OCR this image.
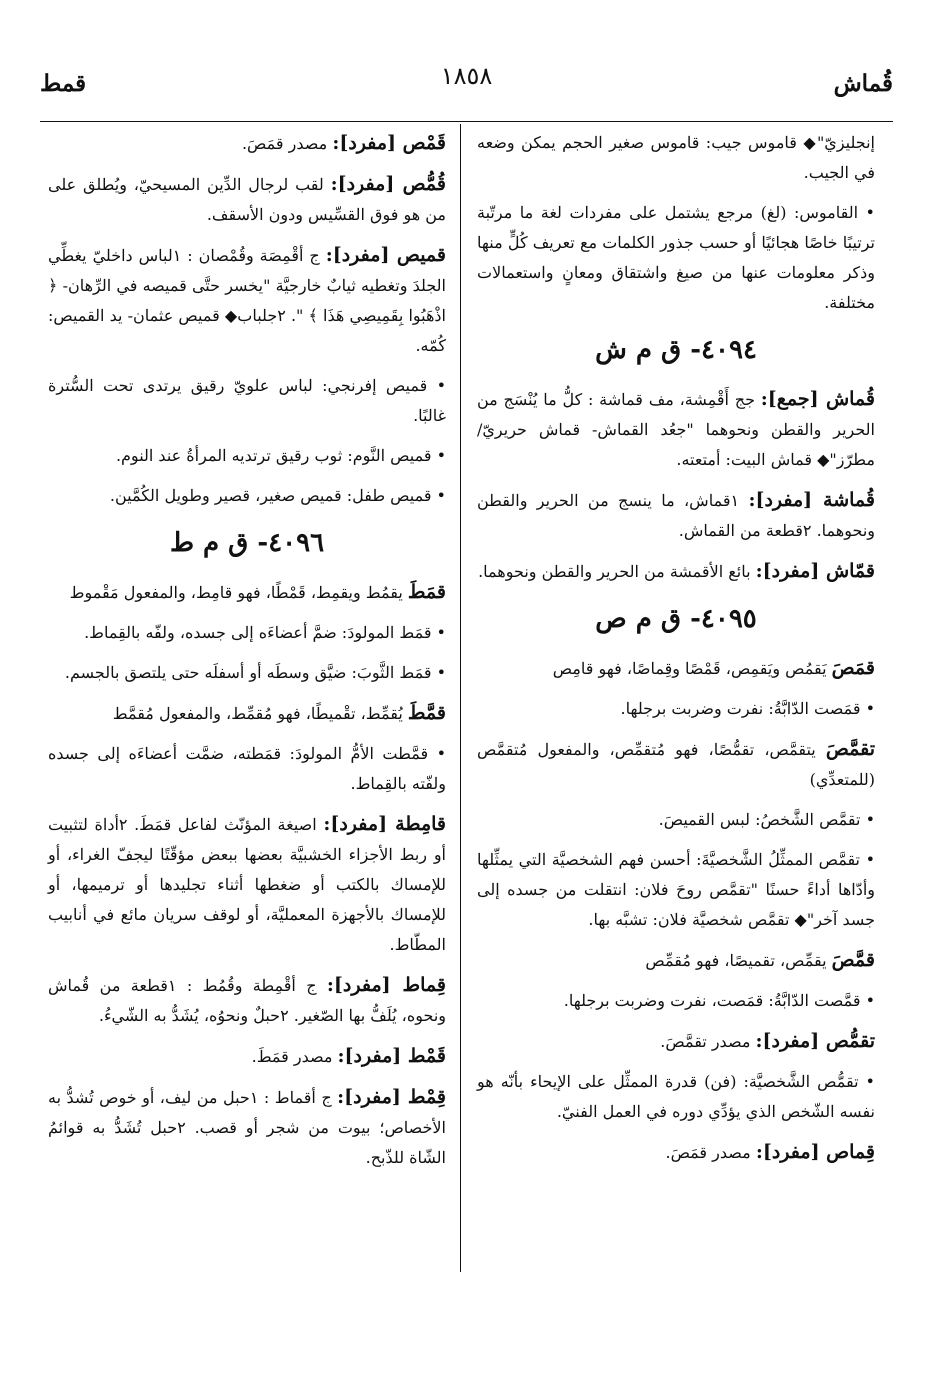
قُماش
١٨٥٨
قمط
إنجليزيّ"◆ قاموس جيب: قاموس صغير الحجم يمكن وضعه في الجيب.
• القاموس: (لغ) مرجع يشتمل على مفردات لغة ما مرتّبة ترتيبًا خاصًا هجائيًا أو حسب جذور الكلمات مع تعريف كُلٍّ منها وذكر معلومات عنها من صيغ واشتقاق ومعانٍ واستعمالات مختلفة.
٤٠٩٤- ق م ش
قُماش [جمع]: جج أَقْمِشة، مف قماشة : كلُّ ما يُنْسَج من الحرير والقطن ونحوهما "جعُد القماش- قماش حريريّ/ مطرّز"◆ قماش البيت: أمتعته.
قُماشة [مفرد]: ١قماش، ما ينسج من الحرير والقطن ونحوهما. ٢قطعة من القماش.
قمّاش [مفرد]: بائع الأقمشة من الحرير والقطن ونحوهما.
٤٠٩٥- ق م ص
قمَصَ يَقمُص ويَقمِص، قَمْصًا وقِماصًا، فهو قامِص
• قمَصت الدّابَّةُ: نفرت وضربت برجلها.
تقمَّصَ يتقمَّص، تقمُّصًا، فهو مُتقمِّص، والمفعول مُتقمَّص (للمتعدِّي)
• تقمَّص الشَّخصُ: لبس القميصَ.
• تقمَّص الممثِّلُ الشَّخصيَّةَ: أحسن فهم الشخصيَّة التي يمثِّلها وأدّاها أداءً حسنًا "تقمَّص روحَ فلان: انتقلت من جسده إلى جسد آخر"◆ تقمَّص شخصيَّة فلان: تشبَّه بها.
قمَّصَ يقمِّص، تقميصًا، فهو مُقمِّص
• قمَّصت الدّابَّةُ: قمَصت، نفرت وضربت برجلها.
تقمُّص [مفرد]: مصدر تقمَّصَ.
• تقمُّص الشَّخصيَّة: (فن) قدرة الممثِّل على الإيحاء بأنّه هو نفسه الشّخص الذي يؤدِّي دوره في العمل الفنيّ.
قِماص [مفرد]: مصدر قمَصَ.
قَمْص [مفرد]: مصدر قمَصَ.
قُمُّص [مفرد]: لقب لرجال الدِّين المسيحيّ، ويُطلق على من هو فوق القسِّيس ودون الأسقف.
قميص [مفرد]: ج أقْمِصَة وقُمْصان : ١لباس داخليّ يغطِّي الجلدَ وتغطيه ثيابٌ خارجيَّة "يخسر حتَّى قميصه في الرِّهان- ﴿ اذْهَبُوا بِقَمِيصِي هَذَا ﴾ ". ٢جلباب◆ قميص عثمان- يد القميص: كُمّه.
• قميص إفرنجي: لباس علويّ رقيق يرتدى تحت السُّترة غالبًا.
• قميص النَّوم: ثوب رقيق ترتديه المرأةُ عند النوم.
• قميص طفل: قميص صغير، قصير وطويل الكُمَّين.
٤٠٩٦- ق م ط
قمَطَ يقمُط ويقمِط، قَمْطًا، فهو قامِط، والمفعول مَقْموط
• قمَط المولودَ: ضمَّ أعضاءَه إلى جسده، ولفّه بالقِماط.
• قمَط الثَّوبَ: ضيَّق وسطَه أو أسفلَه حتى يلتصق بالجسم.
قمَّطَ يُقمِّط، تقْميطًا، فهو مُقمِّط، والمفعول مُقمَّط
• قمَّطت الأمُّ المولودَ: قمَطته، ضمَّت أعضاءَه إلى جسده ولفّته بالقِماط.
قامِطة [مفرد]: اصيغة المؤنّث لفاعل قمَطَ. ٢أداة لتثبيت أو ربط الأجزاء الخشبيَّة بعضها ببعض مؤقّتًا ليجفّ الغراء، أو للإمساك بالكتب أو ضغطها أثناء تجليدها أو ترميمها، أو للإمساك بالأجهزة المعمليَّة، أو لوقف سريان مائع في أنابيب المطّاط.
قِماط [مفرد]: ج أقْمِطة وقُمُط : ١قطعة من قُماش ونحوه، يُلَفُّ بها الصّغير. ٢حبلٌ ونحوُه، يُشَدُّ به الشّيءُ.
قَمْط [مفرد]: مصدر قمَطَ.
قِمْط [مفرد]: ج أقماط : ١حبل من ليف، أو خوص تُشدُّ به الأخصاص؛ بيوت من شجر أو قصب. ٢حبل تُشَدُّ به قوائمُ الشّاة للذّبح.
